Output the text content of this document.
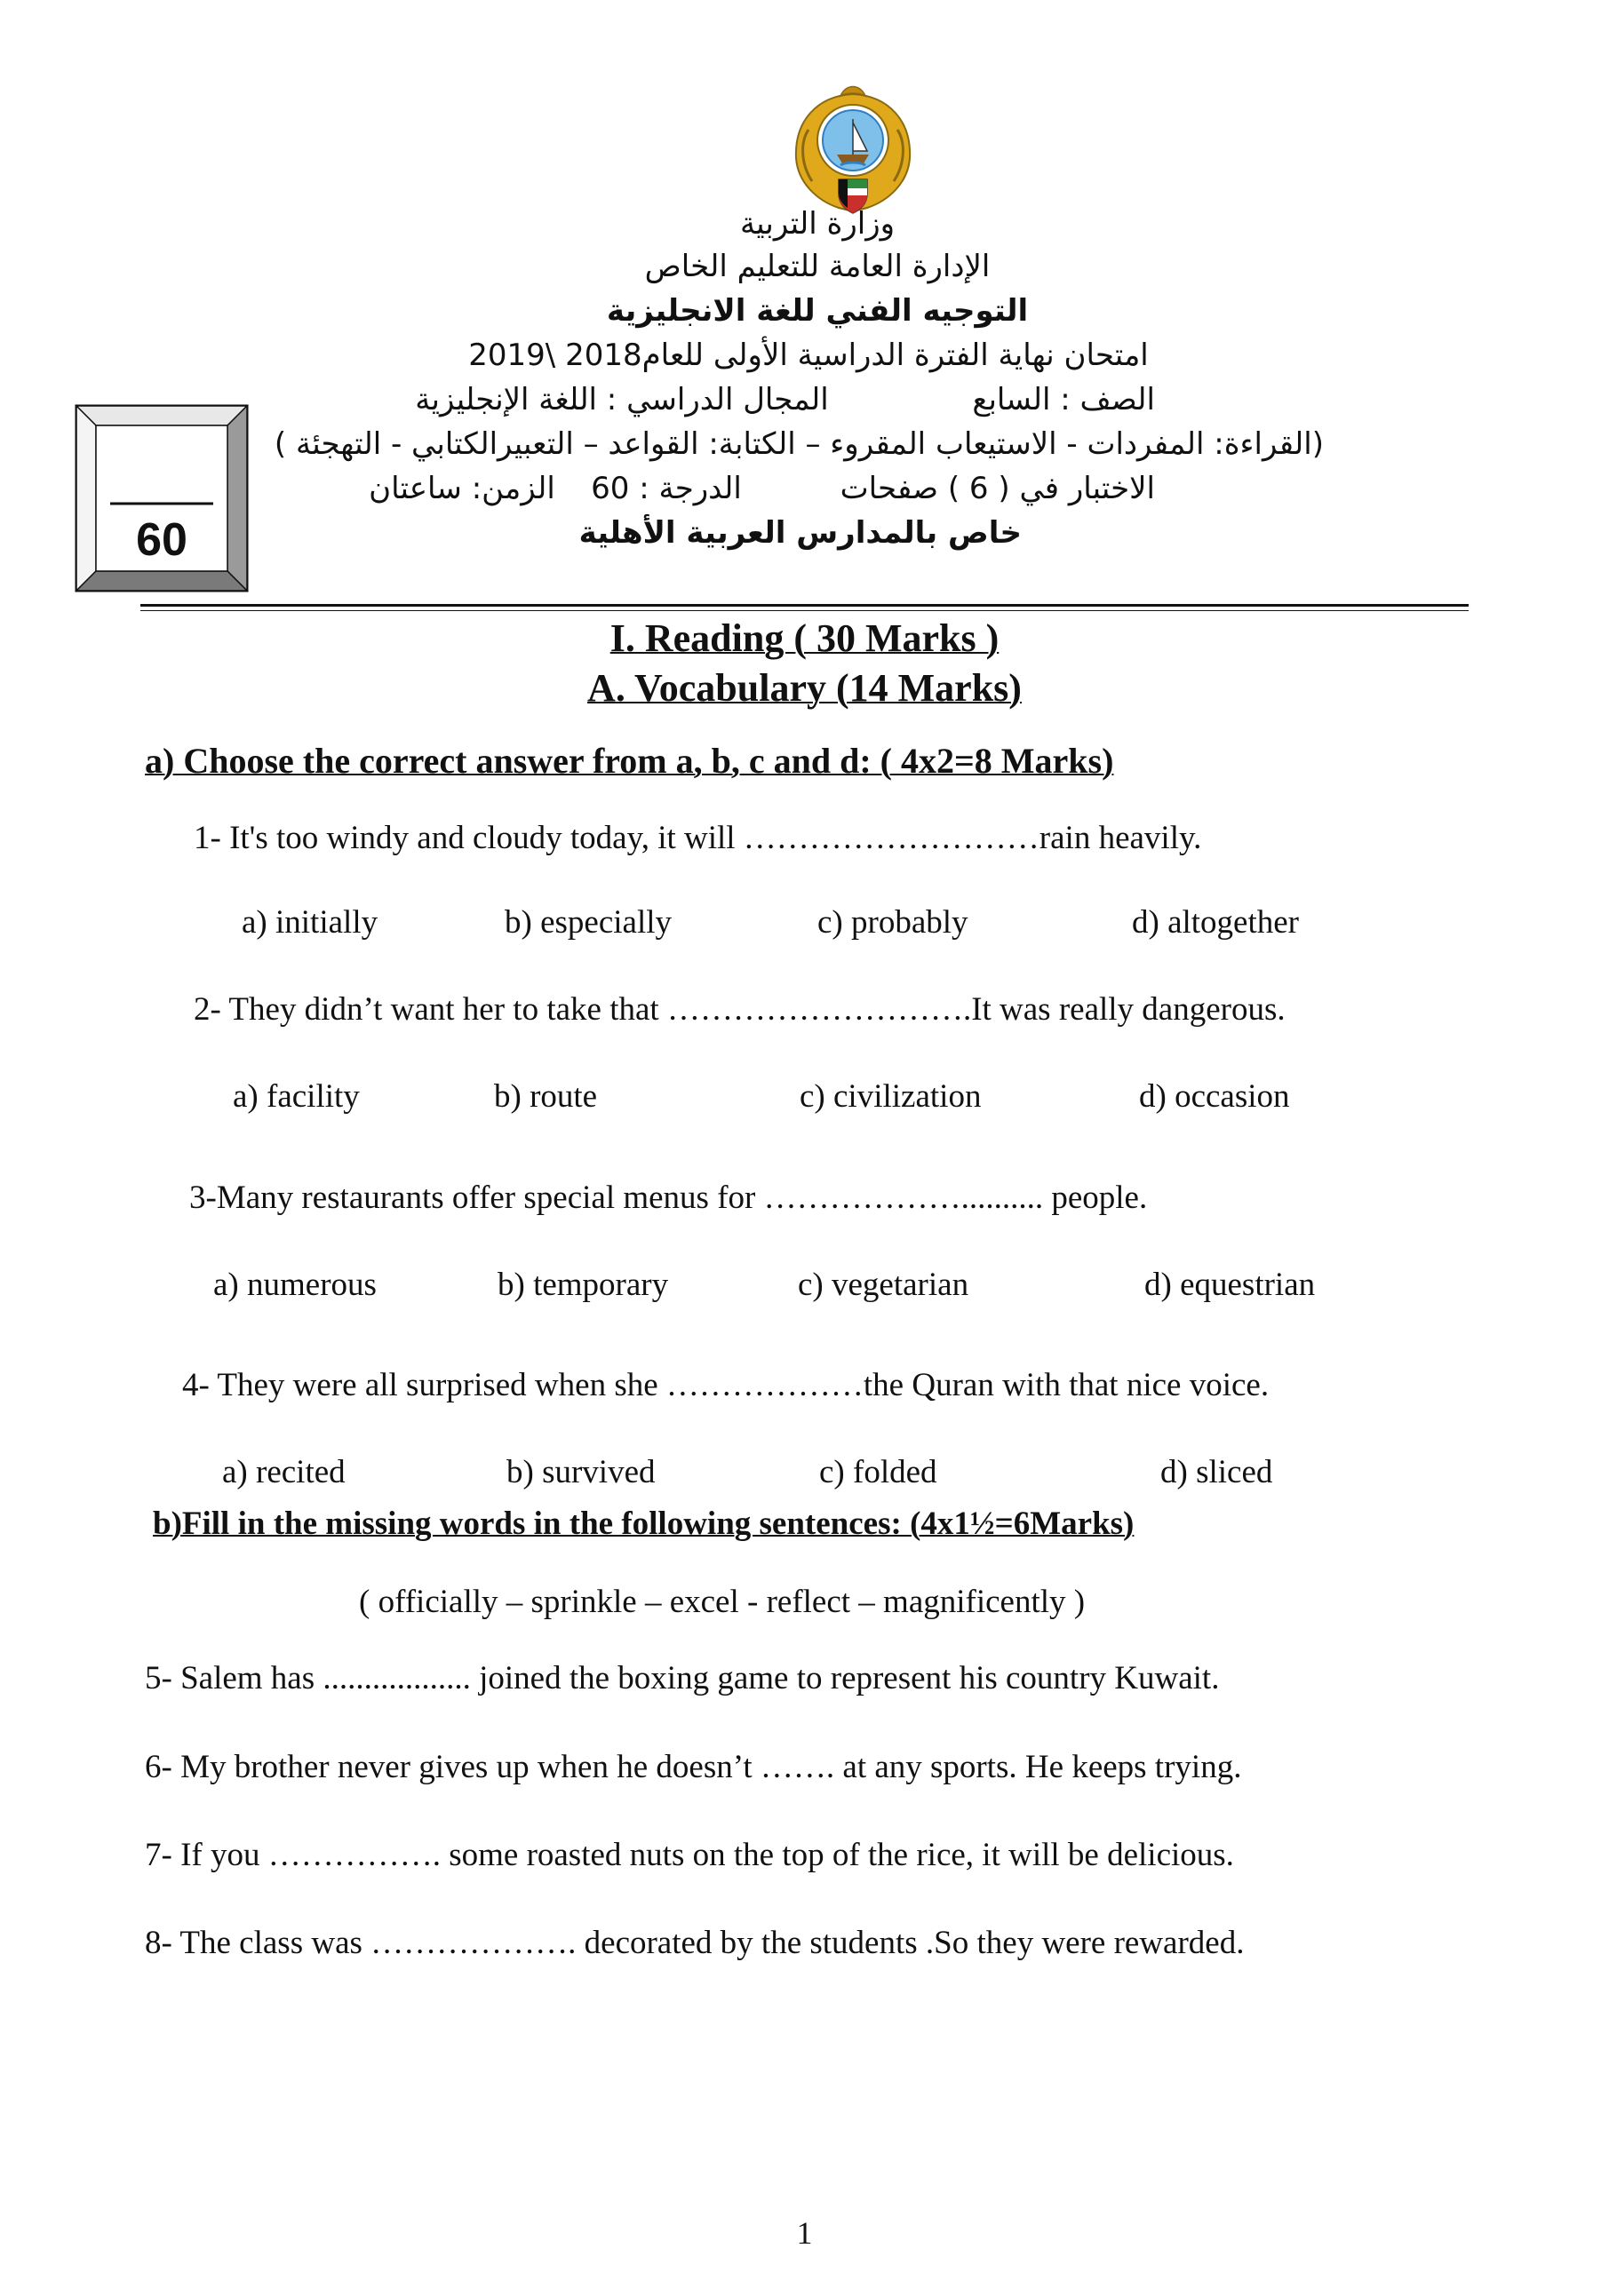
وزارة التربية
الإدارة العامة للتعليم الخاص
التوجيه الفني للغة الانجليزية
امتحان نهاية الفترة الدراسية الأولى للعام2018 \2019
الصف : السابع
المجال الدراسي : اللغة الإنجليزية
(القراءة: المفردات - الاستيعاب المقروء – الكتابة: القواعد – التعبيرالكتابي - التهجئة )
الاختبار في ( 6 ) صفحات
الدرجة : 60
الزمن: ساعتان
خاص بالمدارس العربية الأهلية
60
I. Reading ( 30 Marks )
A. Vocabulary (14 Marks)
a) Choose the correct answer from a, b, c and d: ( 4x2=8 Marks)
1- It's too windy and cloudy today, it will ………………………rain heavily.
a) initially	b) especially	c) probably	d) altogether
2- They didn’t want her to take that ……………………….It was really dangerous.
a) facility	b) route	c) civilization	d) occasion
3-Many restaurants offer special menus for ……………….......... people.
a) numerous	b) temporary	c) vegetarian	d) equestrian
4- They were all surprised when she ………………the Quran with that nice voice.
a) recited	b) survived	c) folded	d) sliced
b)Fill in the missing words in the following sentences: (4x1½=6Marks)
( officially – sprinkle – excel - reflect – magnificently )
5- Salem has .................. joined the boxing game to represent his country Kuwait.
6- My brother never gives up when he doesn’t ……. at any sports. He keeps trying.
7- If you ……………. some roasted nuts on the top of the rice, it will be delicious.
8- The class was ………………. decorated by the students .So they were rewarded.
1
